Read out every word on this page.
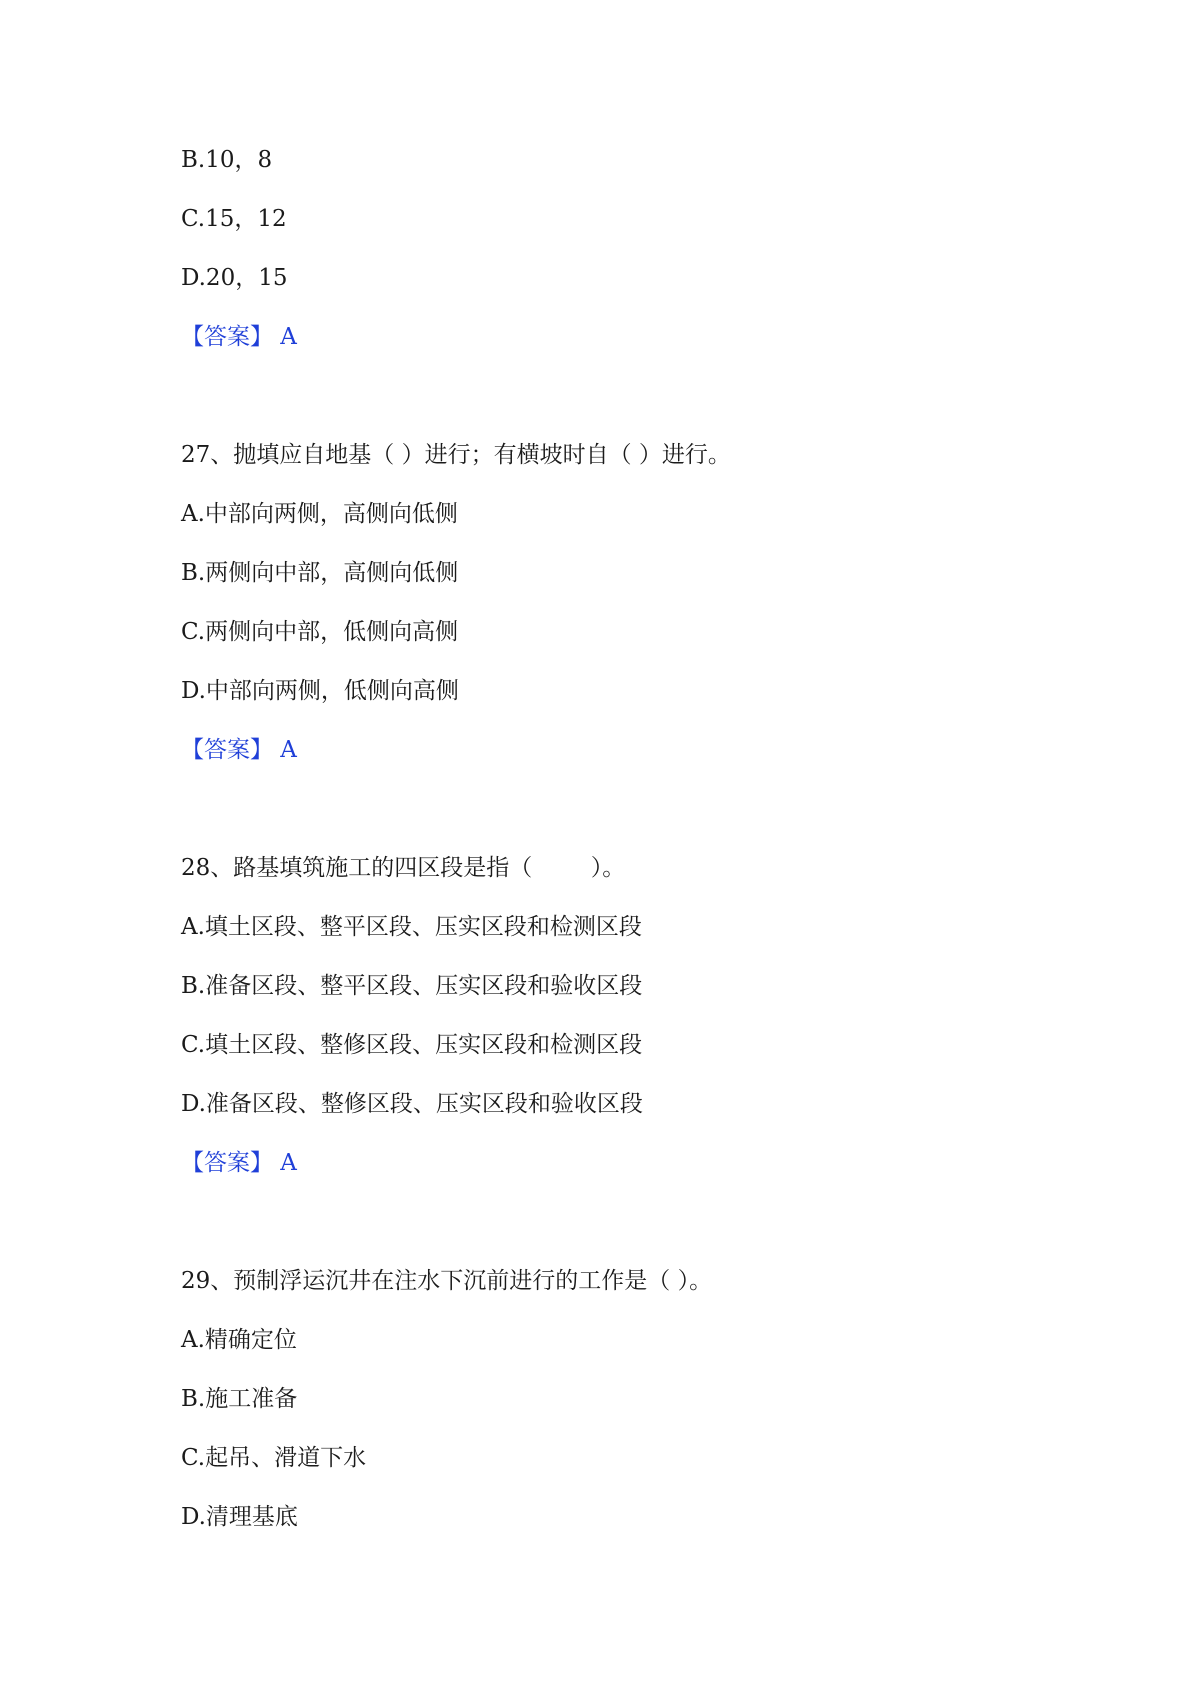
B.10，8

C.15，12

D.20，15

【答案】 A

27、抛填应自地基（ ）进行；有横坡时自（ ）进行。

A.中部向两侧，高侧向低侧

B.两侧向中部，高侧向低侧

C.两侧向中部，低侧向高侧

D.中部向两侧，低侧向高侧

【答案】 A

28、路基填筑施工的四区段是指（        ）。

A.填土区段、整平区段、压实区段和检测区段

B.准备区段、整平区段、压实区段和验收区段

C.填土区段、整修区段、压实区段和检测区段

D.准备区段、整修区段、压实区段和验收区段

【答案】 A

29、预制浮运沉井在注水下沉前进行的工作是（ ）。

A.精确定位

B.施工准备

C.起吊、滑道下水

D.清理基底
